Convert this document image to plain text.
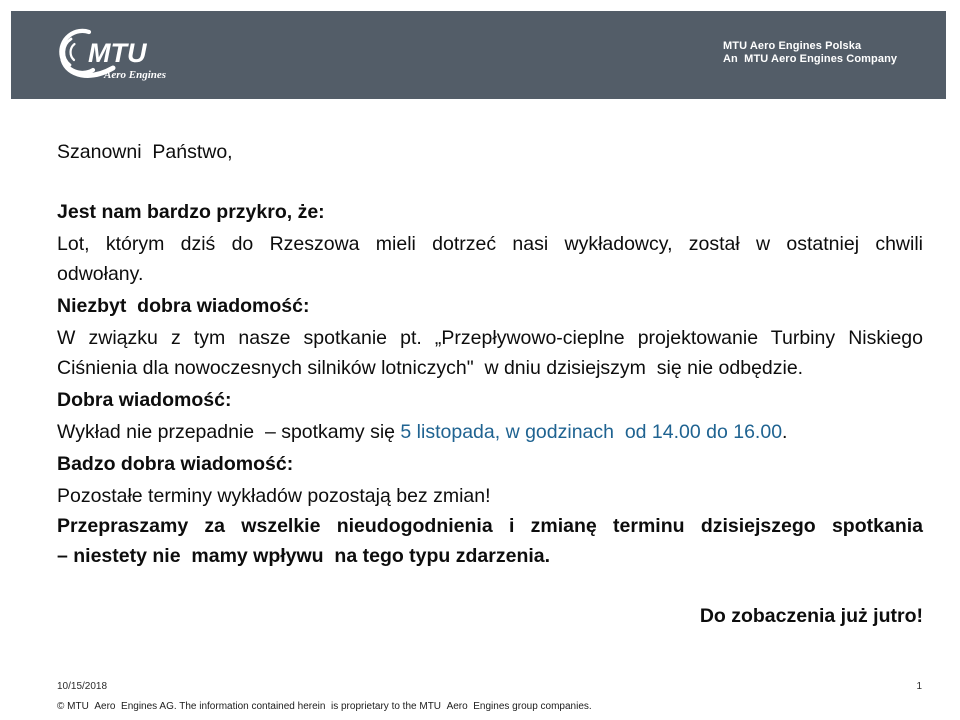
MTU
Aero Engines
MTU Aero Engines Polska
An  MTU Aero Engines Company
Szanowni  Państwo,
Jest nam bardzo przykro, że:
Lot, którym dziś do Rzeszowa mieli dotrzeć nasi wykładowcy, został w ostatniej chwili
odwołany.
Niezbyt  dobra wiadomość:
W związku z tym nasze spotkanie pt. „Przepływowo-cieplne projektowanie Turbiny Niskiego
Ciśnienia dla nowoczesnych silników lotniczych"  w dniu dzisiejszym  się nie odbędzie.
Dobra wiadomość:
Wykład nie przepadnie  – spotkamy się 5 listopada, w godzinach  od 14.00 do 16.00.
Badzo dobra wiadomość:
Pozostałe terminy wykładów pozostają bez zmian!
Przepraszamy za wszelkie nieudogodnienia i zmianę terminu dzisiejszego spotkania
– niestety nie  mamy wpływu  na tego typu zdarzenia.
Do zobaczenia już jutro!
10/15/2018	1
© MTU  Aero  Engines AG. The information contained herein  is proprietary to the MTU  Aero  Engines group companies.
